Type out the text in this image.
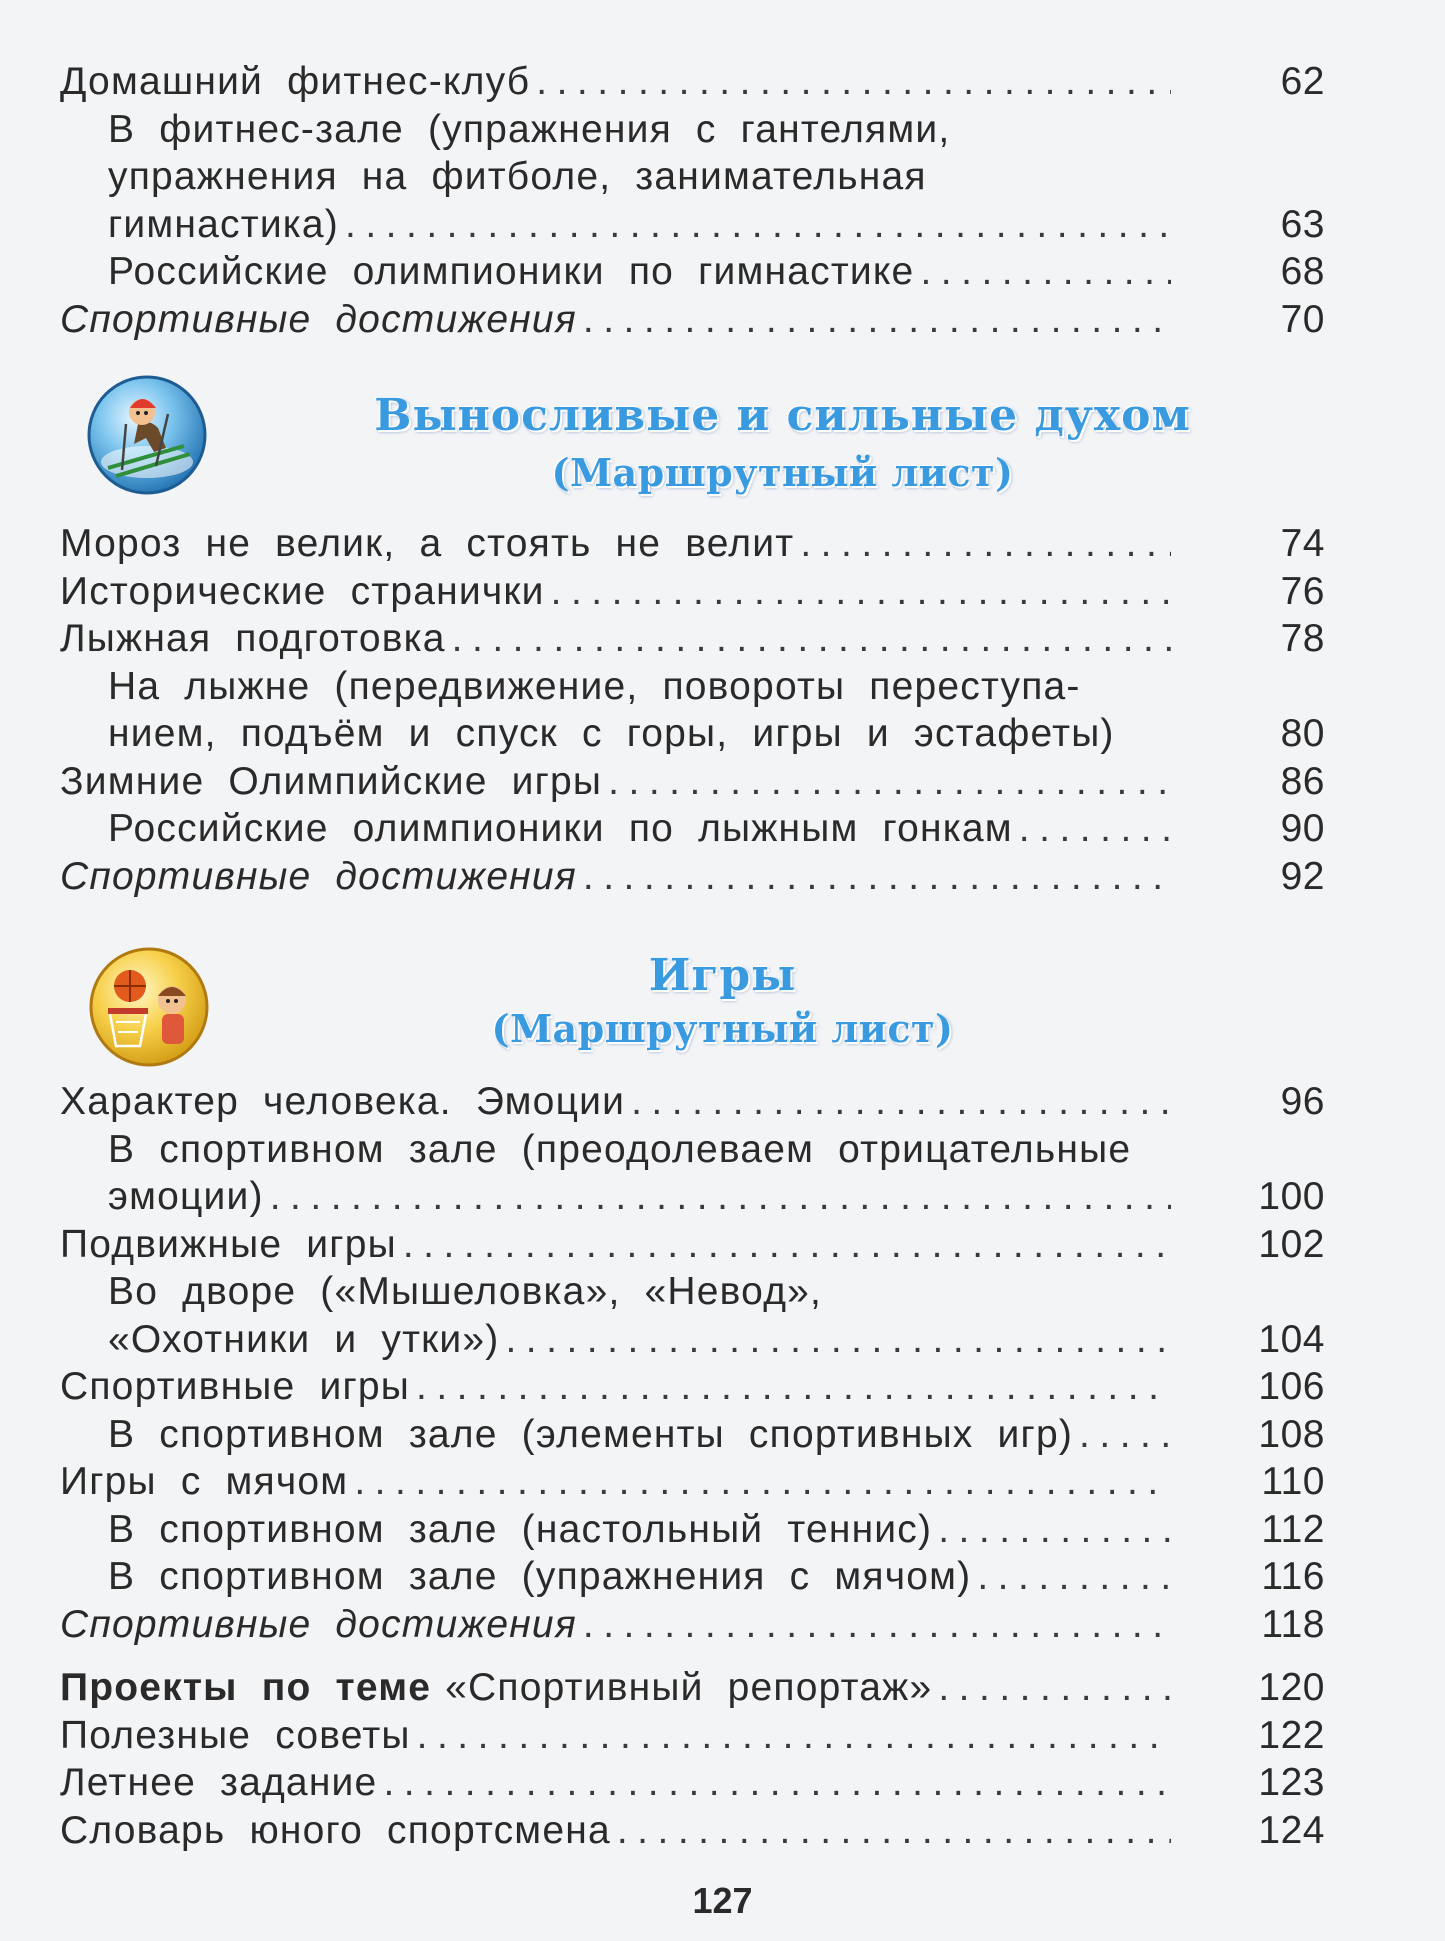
Домашний фитнес-клуб .....	62
В фитнес-зале (упражнения с гантелями,
упражнения на фитболе, занимательная
гимнастика) .....	63
Российские олимпионики по гимнастике .....	68
Спортивные достижения .....	70
Выносливые и сильные духом
(Маршрутный лист)
Мороз не велик, а стоять не велит .....	74
Исторические странички .....	76
Лыжная подготовка .....	78
На лыжне (передвижение, повороты переступа-
нием, подъём и спуск с горы, игры и эстафеты)	80
Зимние Олимпийские игры .....	86
Российские олимпионики по лыжным гонкам .....	90
Спортивные достижения .....	92
Игры
(Маршрутный лист)
Характер человека. Эмоции .....	96
В спортивном зале (преодолеваем отрицательные
эмоции) .....	100
Подвижные игры .....	102
Во дворе («Мышеловка», «Невод»,
«Охотники и утки») .....	104
Спортивные игры .....	106
В спортивном зале (элементы спортивных игр) .....	108
Игры с мячом .....	110
В спортивном зале (настольный теннис) .....	112
В спортивном зале (упражнения с мячом) .....	116
Спортивные достижения .....	118
Проекты по теме «Спортивный репортаж» .....	120
Полезные советы .....	122
Летнее задание .....	123
Словарь юного спортсмена .....	124
127
